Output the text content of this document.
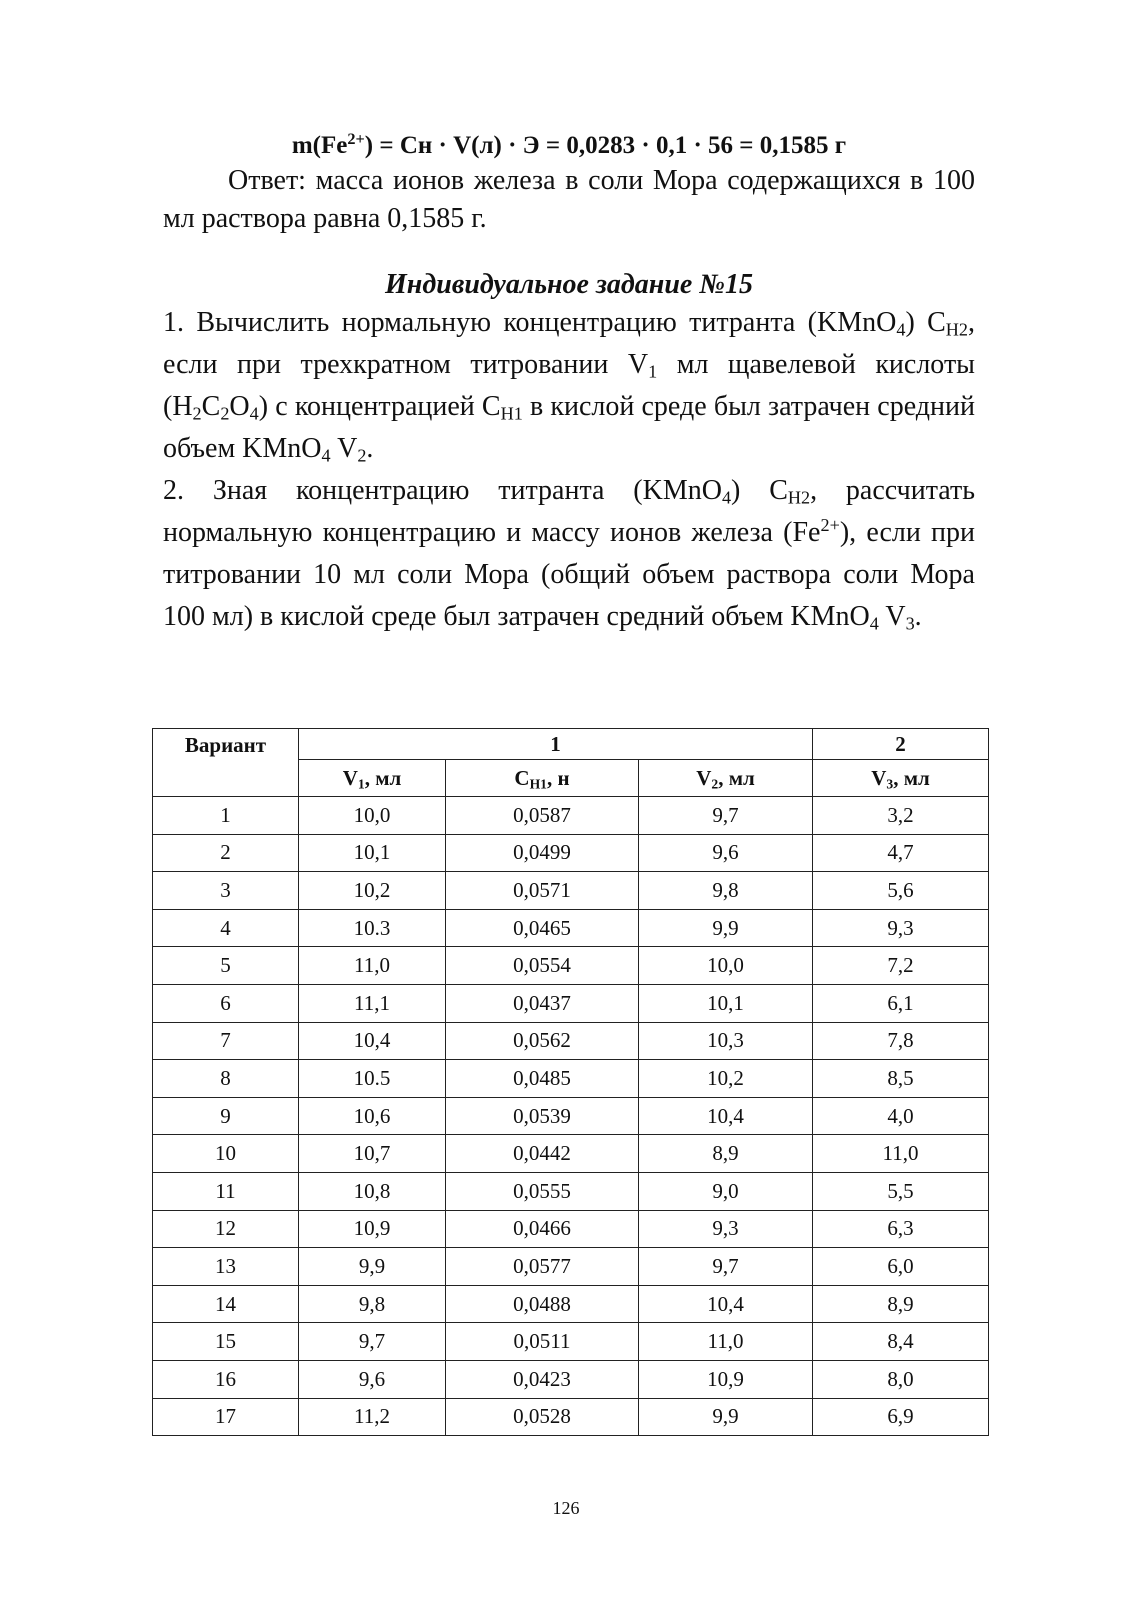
$m(Fe^{2+})$ = Cн · V(л) · Э = 0,0283 · 0,1 · 56 = 0,1585 г
Ответ: масса ионов железа в соли Мора содержащихся в 100 мл раствора равна 0,1585 г.
Индивидуальное задание №15

1. Вычислить нормальную концентрацию титранта (KMnO$_4$) $C_{H2}$, если при трехкратном титровании $V_1$ мл щавелевой кислоты $(H_2C_2O_4)$ с концентрацией $C_{H1}$ в кислой среде был затрачен средний объем KMnO$_4$ $V_2$.

2. Зная концентрацию титранта (KMnO$_4$) $C_{H2}$, рассчитать нормальную концентрацию и массу ионов железа $(Fe^{2+})$, если при титровании 10 мл соли Мора (общий объем раствора соли Мора 100 мл) в кислой среде был затрачен средний объем KMnO$_4$ $V_3$.

Вариант	1			2
	$V_1$, мл	$C_{H1}$, н	$V_2$, мл	$V_3$, мл
1	10,0	0,0587	9,7	3,2
2	10,1	0,0499	9,6	4,7
3	10,2	0,0571	9,8	5,6
4	10.3	0,0465	9,9	9,3
5	11,0	0,0554	10,0	7,2
6	11,1	0,0437	10,1	6,1
7	10,4	0,0562	10,3	7,8
8	10.5	0,0485	10,2	8,5
9	10,6	0,0539	10,4	4,0
10	10,7	0,0442	8,9	11,0
11	10,8	0,0555	9,0	5,5
12	10,9	0,0466	9,3	6,3
13	9,9	0,0577	9,7	6,0
14	9,8	0,0488	10,4	8,9
15	9,7	0,0511	11,0	8,4
16	9,6	0,0423	10,9	8,0
17	11,2	0,0528	9,9	6,9
126
